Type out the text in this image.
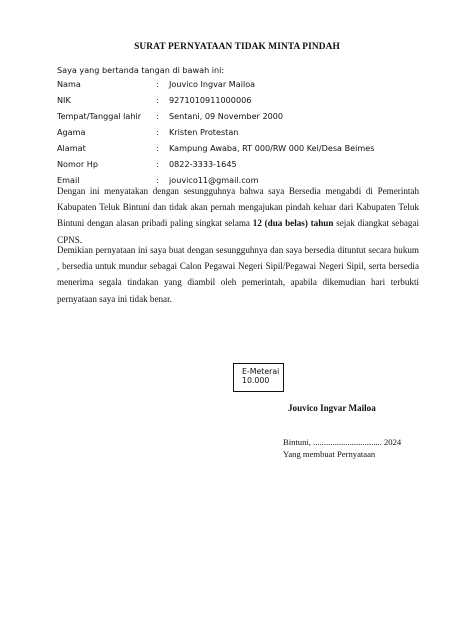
SURAT PERNYATAAN TIDAK MINTA PINDAH
Saya yang bertanda tangan di bawah ini:
Nama	: Jouvico Ingvar Mailoa
NIK	: 9271010911000006
Tempat/Tanggal lahir : Sentani, 09 November 2000
Agama	: Kristen Protestan
Alamat	: Kampung Awaba, RT 000/RW 000 Kel/Desa Beimes
Nomor Hp	: 0822-3333-1645
Email	: jouvico11@gmail.com
Dengan ini menyatakan dengan sesungguhnya bahwa saya Bersedia mengabdi di Pemerintah Kabupaten Teluk Bintuni dan tidak akan pernah mengajukan pindah keluar dari Kabupaten Teluk Bintuni dengan alasan pribadi paling singkat selama 12 (dua belas) tahun sejak diangkat sebagai CPNS.
Demikian pernyataan ini saya buat dengan sesungguhnya dan saya bersedia dituntut secara hukum , bersedia untuk mundur sebagai Calon Pegawai Negeri Sipil/Pegawai Negeri Sipil, serta bersedia menerima segala tindakan yang diambil oleh pemerintah, apabila dikemudian hari terbukti pernyataan saya ini tidak benar.
E-Meterai
10.000
Bintuni, ................................ 2024
Yang membuat Pernyataan
Jouvico Ingvar Mailoa
